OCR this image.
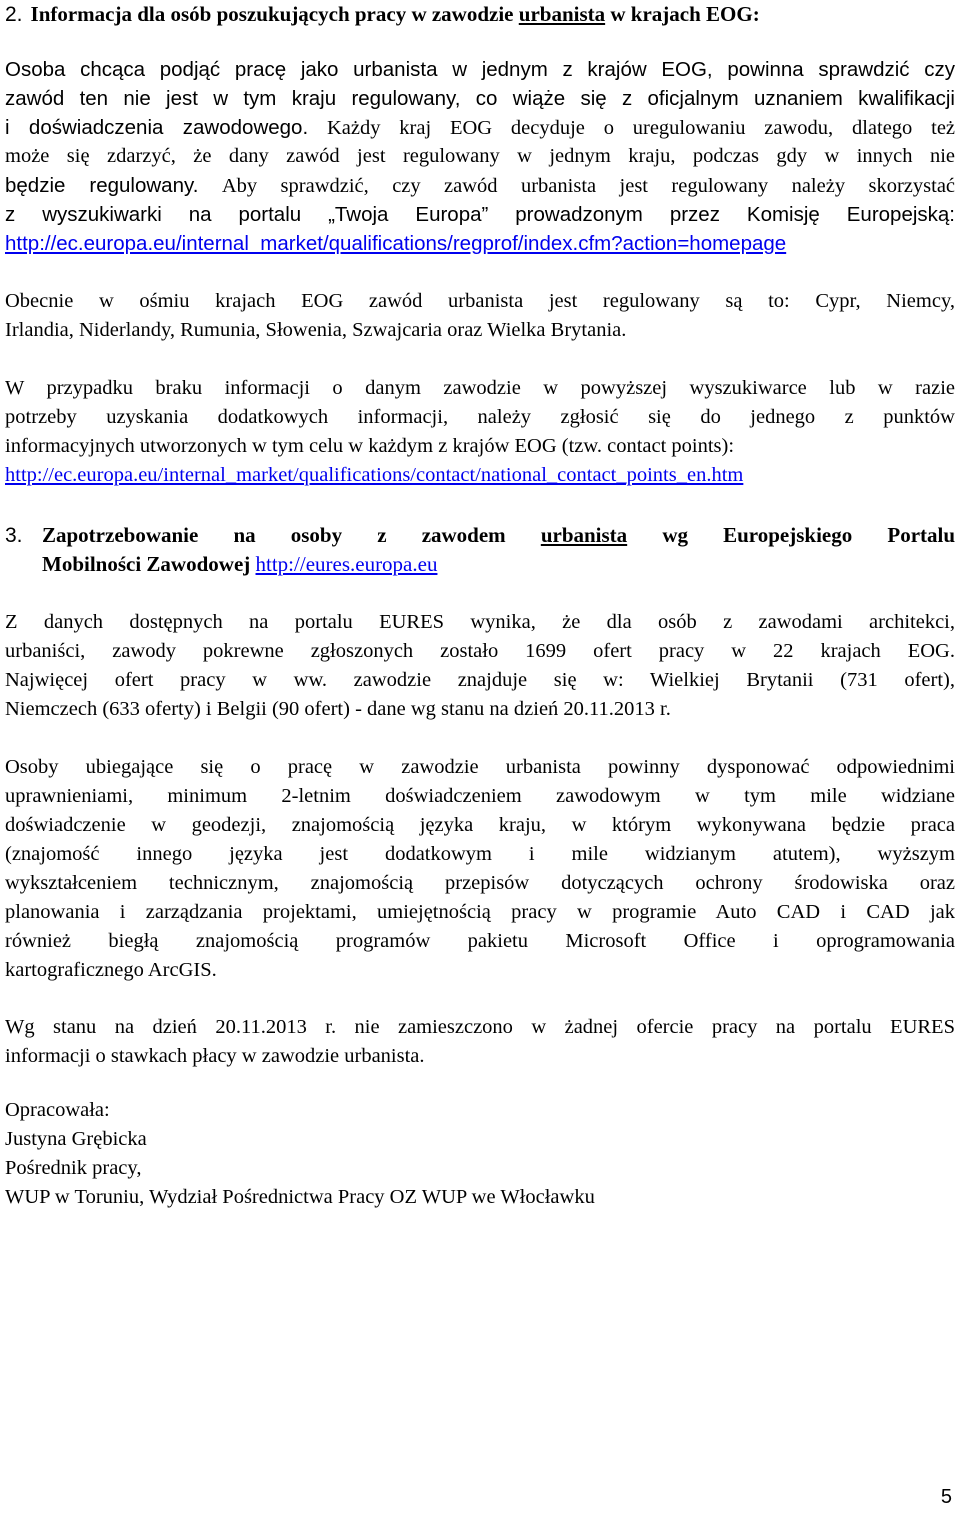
2. Informacja dla osób poszukujących pracy w zawodzie urbanista w krajach EOG:
Osoba chcąca podjąć pracę jako urbanista w jednym z krajów EOG, powinna sprawdzić czy
zawód ten nie jest w tym kraju regulowany, co wiąże się z oficjalnym uznaniem kwalifikacji
i doświadczenia zawodowego. Każdy kraj EOG decyduje o uregulowaniu zawodu, dlatego też
może się zdarzyć, że dany zawód jest regulowany w jednym kraju, podczas gdy w innych nie
będzie regulowany. Aby sprawdzić, czy zawód urbanista jest regulowany należy skorzystać
z wyszukiwarki na portalu „Twoja Europa” prowadzonym przez Komisję Europejską:
http://ec.europa.eu/internal_market/qualifications/regprof/index.cfm?action=homepage
Obecnie w ośmiu krajach EOG zawód urbanista jest regulowany są to: Cypr, Niemcy,
Irlandia, Niderlandy, Rumunia, Słowenia, Szwajcaria oraz Wielka Brytania.
W przypadku braku informacji o danym zawodzie w powyższej wyszukiwarce lub w razie
potrzeby uzyskania dodatkowych informacji, należy zgłosić się do jednego z punktów
informacyjnych utworzonych w tym celu w każdym z krajów EOG (tzw. contact points):
http://ec.europa.eu/internal_market/qualifications/contact/national_contact_points_en.htm
3. Zapotrzebowanie na osoby z zawodem urbanista wg Europejskiego Portalu
Mobilności Zawodowej http://eures.europa.eu
Z danych dostępnych na portalu EURES wynika, że dla osób z zawodami architekci,
urbaniści, zawody pokrewne zgłoszonych zostało 1699 ofert pracy w 22 krajach EOG.
Najwięcej ofert pracy w ww. zawodzie znajduje się w: Wielkiej Brytanii (731 ofert),
Niemczech (633 oferty) i Belgii (90 ofert) - dane wg stanu na dzień 20.11.2013 r.
Osoby ubiegające się o pracę w zawodzie urbanista powinny dysponować odpowiednimi
uprawnieniami, minimum 2-letnim doświadczeniem zawodowym w tym mile widziane
doświadczenie w geodezji, znajomością języka kraju, w którym wykonywana będzie praca
(znajomość innego języka jest dodatkowym i mile widzianym atutem), wyższym
wykształceniem technicznym, znajomością przepisów dotyczących ochrony środowiska oraz
planowania i zarządzania projektami, umiejętnością pracy w programie Auto CAD i CAD jak
również biegłą znajomością programów pakietu Microsoft Office i oprogramowania
kartograficznego ArcGIS.
Wg stanu na dzień 20.11.2013 r. nie zamieszczono w żadnej ofercie pracy na portalu EURES
informacji o stawkach płacy w zawodzie urbanista.
Opracowała:
Justyna Grębicka
Pośrednik pracy,
WUP w Toruniu, Wydział Pośrednictwa Pracy OZ WUP we Włocławku
5
